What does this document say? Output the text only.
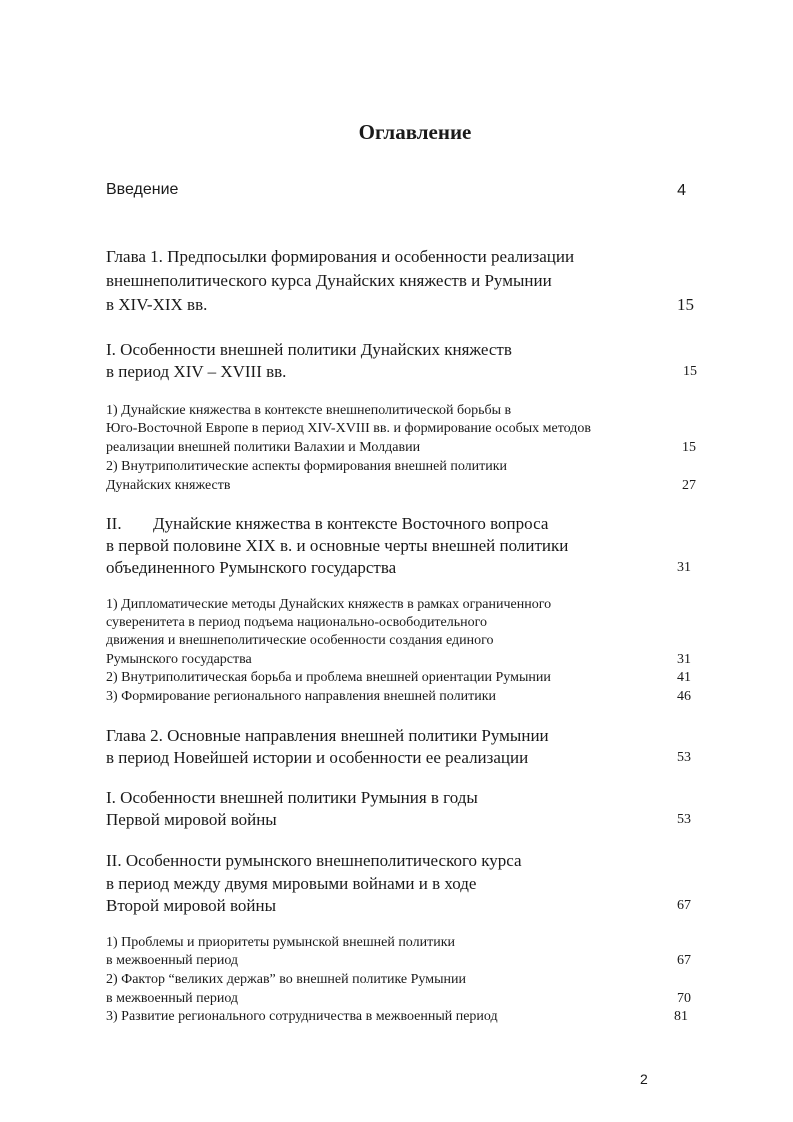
Оглавление
Введение	4
Глава 1. Предпосылки формирования и особенности реализации
внешнеполитического курса Дунайских княжеств и Румынии
в XIV-XIX вв.	15
I. Особенности внешней политики Дунайских княжеств
в период XIV – XVIII вв.	15
1) Дунайские княжества в контексте внешнеполитической борьбы в
Юго-Восточной Европе в период XIV-XVIII вв. и формирование особых методов
реализации внешней политики Валахии и Молдавии	15
2) Внутриполитические аспекты формирования внешней политики
Дунайских княжеств	27
II. Дунайские княжества в контексте Восточного вопроса
в первой половине XIX в. и основные черты внешней политики
объединенного Румынского государства	31
1) Дипломатические методы Дунайских княжеств в рамках ограниченного
суверенитета в период подъема национально-освободительного
движения и внешнеполитические особенности создания единого
Румынского государства	31
2) Внутриполитическая борьба и проблема внешней ориентации Румынии	41
3) Формирование регионального направления внешней политики	46
Глава 2. Основные направления внешней политики Румынии
в период Новейшей истории и особенности ее реализации	53
I. Особенности внешней политики Румыния в годы
Первой мировой войны	53
II. Особенности румынского внешнеполитического курса
в период между двумя мировыми войнами и в ходе
Второй мировой войны	67
1) Проблемы и приоритеты румынской внешней политики
в межвоенный период	67
2) Фактор “великих держав” во внешней политике Румынии
в межвоенный период	70
3) Развитие регионального сотрудничества в межвоенный период	81
2
